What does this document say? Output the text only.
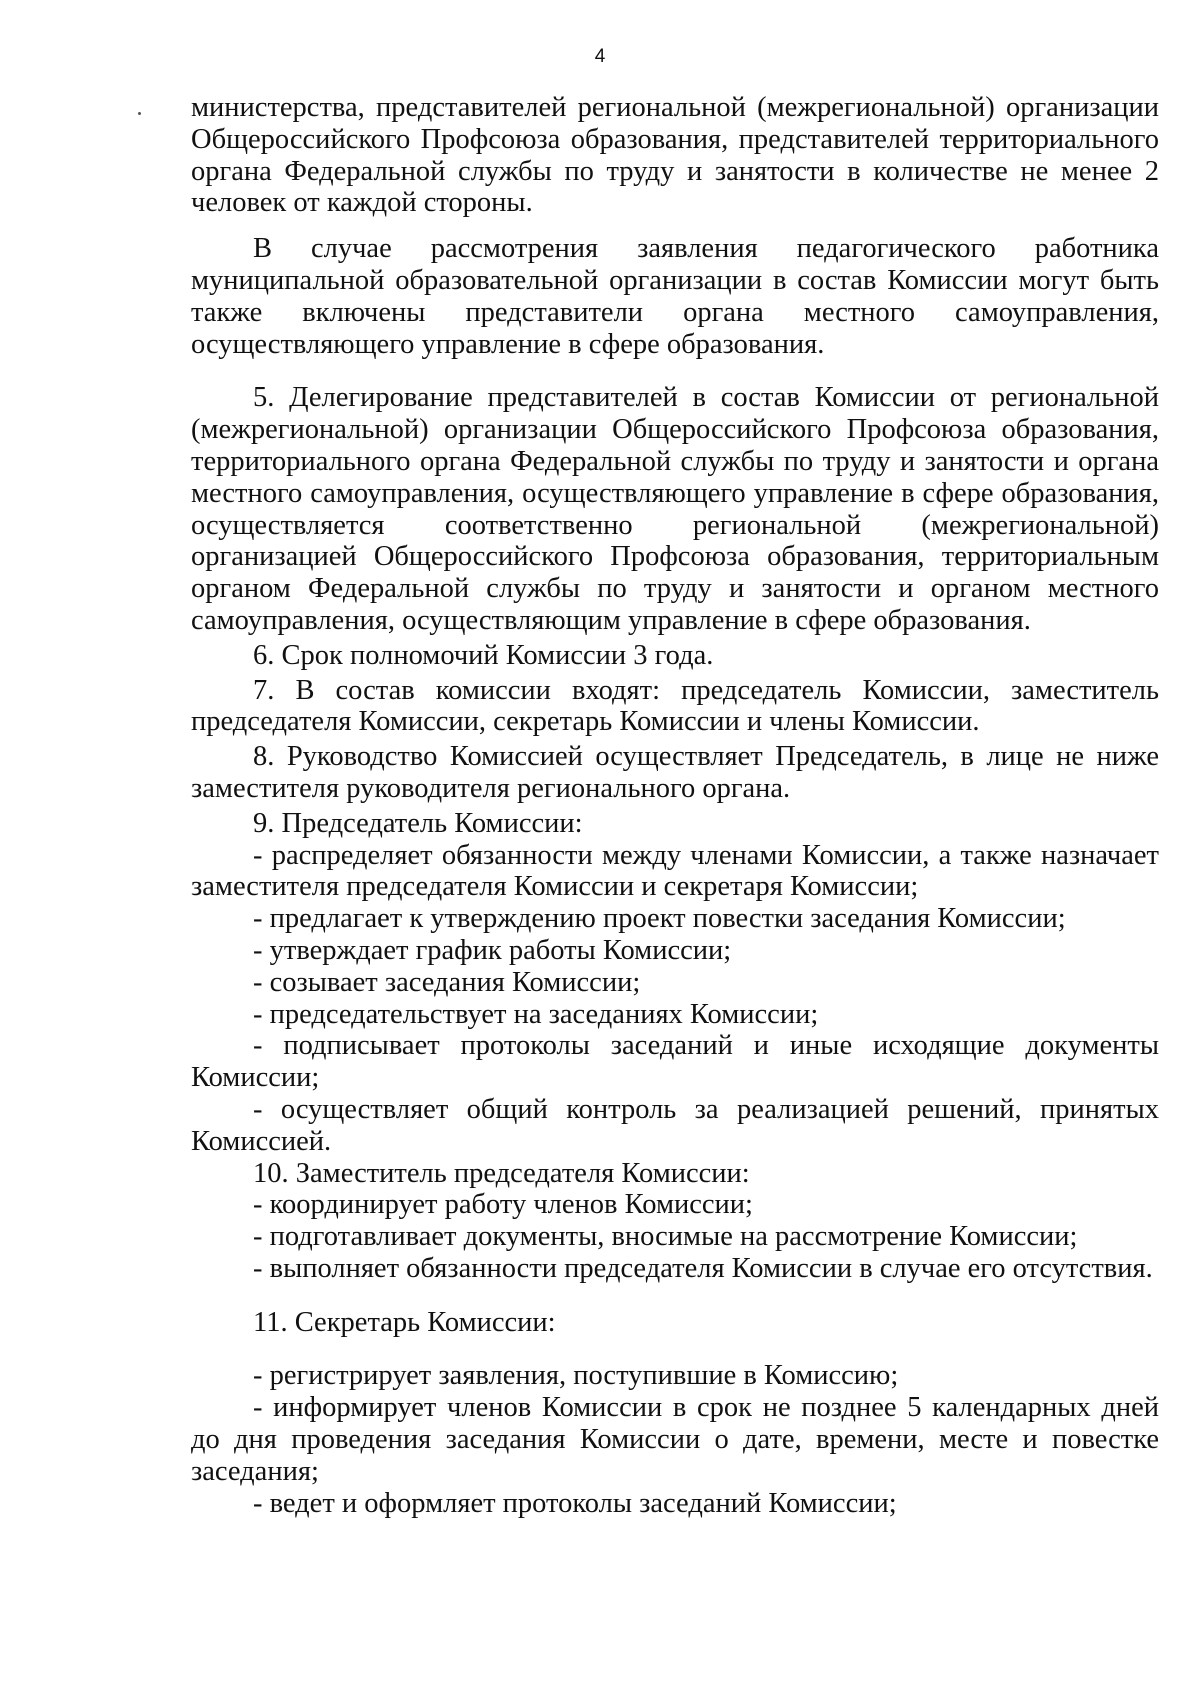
4

министерства, представителей региональной (межрегиональной) организации Общероссийского Профсоюза образования, представителей территориального органа Федеральной службы по труду и занятости в количестве не менее 2 человек от каждой стороны.

В случае рассмотрения заявления педагогического работника муниципальной образовательной организации в состав Комиссии могут быть также включены представители органа местного самоуправления, осуществляющего управление в сфере образования.

5. Делегирование представителей в состав Комиссии от региональной (межрегиональной) организации Общероссийского Профсоюза образования, территориального органа Федеральной службы по труду и занятости и органа местного самоуправления, осуществляющего управление в сфере образования, осуществляется соответственно региональной (межрегиональной) организацией Общероссийского Профсоюза образования, территориальным органом Федеральной службы по труду и занятости и органом местного самоуправления, осуществляющим управление в сфере образования.

6. Срок полномочий Комиссии 3 года.

7. В состав комиссии входят: председатель Комиссии, заместитель председателя Комиссии, секретарь Комиссии и члены Комиссии.

8. Руководство Комиссией осуществляет Председатель, в лице не ниже заместителя руководителя регионального органа.

9. Председатель Комиссии:

- распределяет обязанности между членами Комиссии, а также назначает заместителя председателя Комиссии и секретаря Комиссии;

- предлагает к утверждению проект повестки заседания Комиссии;

- утверждает график работы Комиссии;

- созывает заседания Комиссии;

- председательствует на заседаниях Комиссии;

- подписывает протоколы заседаний и иные исходящие документы Комиссии;

- осуществляет общий контроль за реализацией решений, принятых Комиссией.

10. Заместитель председателя Комиссии:

- координирует работу членов Комиссии;

- подготавливает документы, вносимые на рассмотрение Комиссии;

- выполняет обязанности председателя Комиссии в случае его отсутствия.

11. Секретарь Комиссии:

- регистрирует заявления, поступившие в Комиссию;

- информирует членов Комиссии в срок не позднее 5 календарных дней до дня проведения заседания Комиссии о дате, времени, месте и повестке заседания;

- ведет и оформляет протоколы заседаний Комиссии;
